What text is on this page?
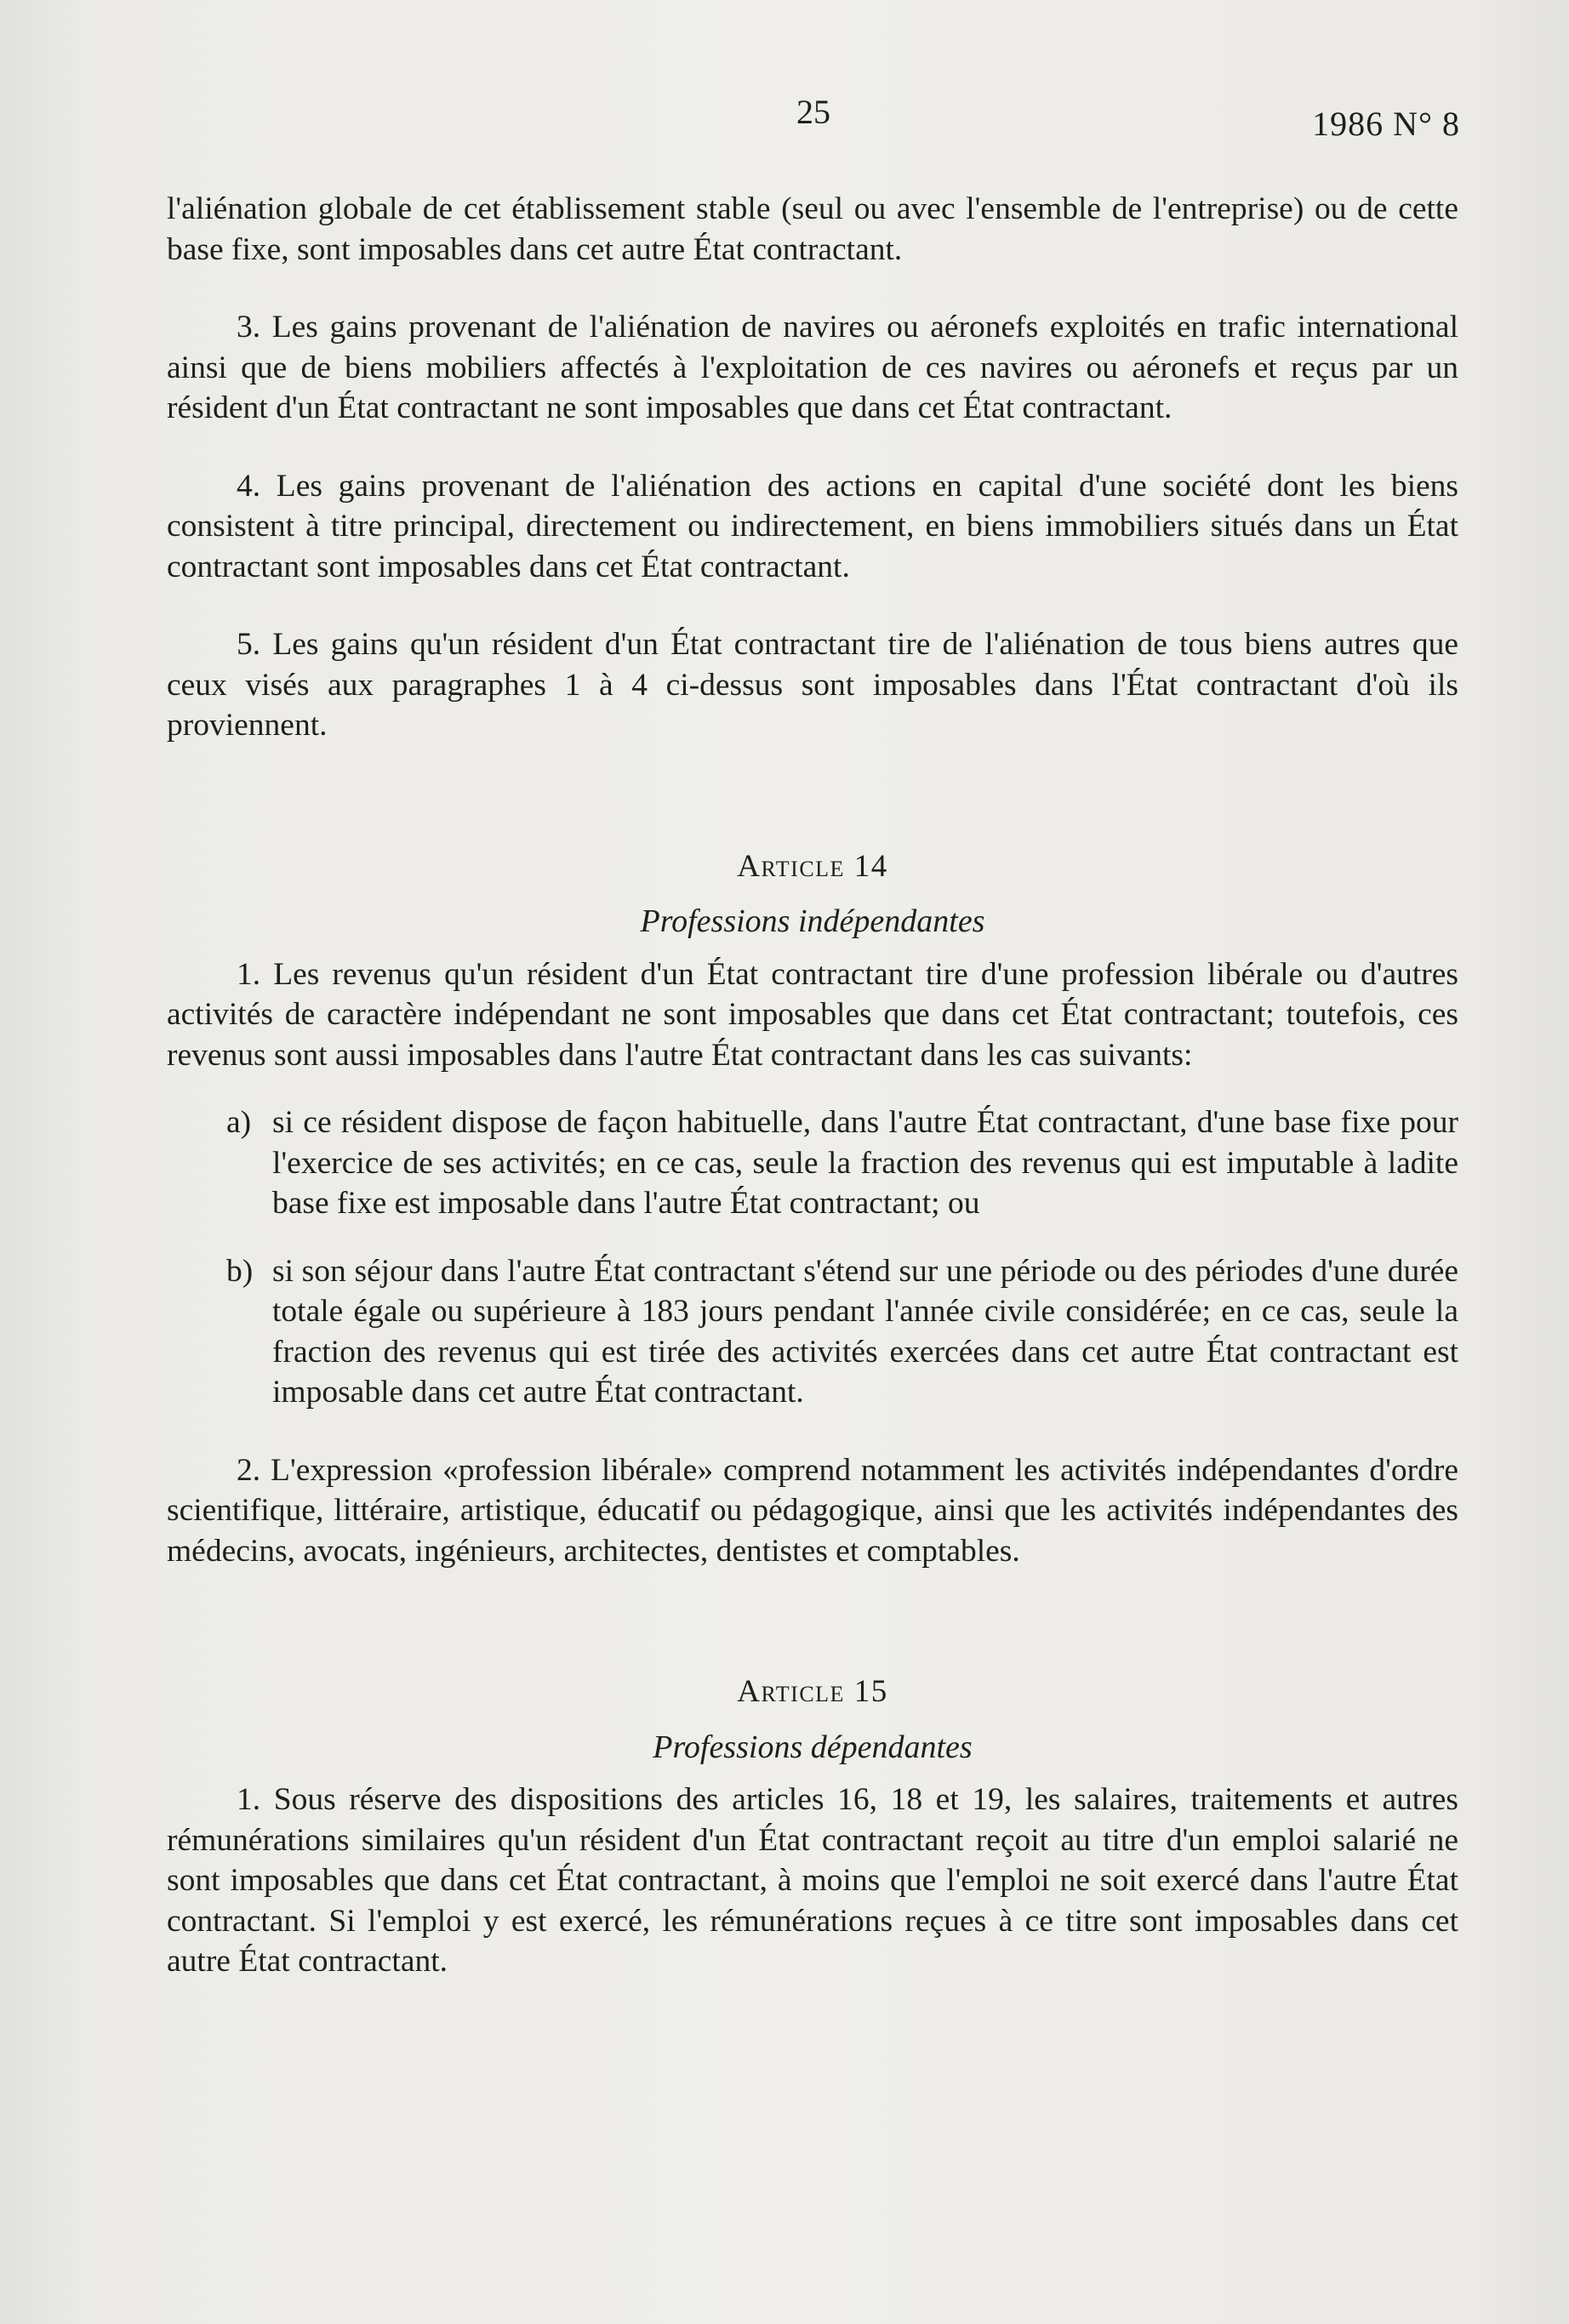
25	1986 N° 8

l'aliénation globale de cet établissement stable (seul ou avec l'ensemble de l'entreprise) ou de cette base fixe, sont imposables dans cet autre État contractant.

3. Les gains provenant de l'aliénation de navires ou aéronefs exploités en trafic international ainsi que de biens mobiliers affectés à l'exploitation de ces navires ou aéronefs et reçus par un résident d'un État contractant ne sont imposables que dans cet État contractant.

4. Les gains provenant de l'aliénation des actions en capital d'une société dont les biens consistent à titre principal, directement ou indirectement, en biens immobiliers situés dans un État contractant sont imposables dans cet État contractant.

5. Les gains qu'un résident d'un État contractant tire de l'aliénation de tous biens autres que ceux visés aux paragraphes 1 à 4 ci-dessus sont imposables dans l'État contractant d'où ils proviennent.

Article 14
Professions indépendantes

1. Les revenus qu'un résident d'un État contractant tire d'une profession libérale ou d'autres activités de caractère indépendant ne sont imposables que dans cet État contractant; toutefois, ces revenus sont aussi imposables dans l'autre État contractant dans les cas suivants:

a) si ce résident dispose de façon habituelle, dans l'autre État contractant, d'une base fixe pour l'exercice de ses activités; en ce cas, seule la fraction des revenus qui est imputable à ladite base fixe est imposable dans l'autre État contractant; ou
b) si son séjour dans l'autre État contractant s'étend sur une période ou des périodes d'une durée totale égale ou supérieure à 183 jours pendant l'année civile considérée; en ce cas, seule la fraction des revenus qui est tirée des activités exercées dans cet autre État contractant est imposable dans cet autre État contractant.

2. L'expression «profession libérale» comprend notamment les activités indépendantes d'ordre scientifique, littéraire, artistique, éducatif ou pédagogique, ainsi que les activités indépendantes des médecins, avocats, ingénieurs, architectes, dentistes et comptables.

Article 15
Professions dépendantes

1. Sous réserve des dispositions des articles 16, 18 et 19, les salaires, traitements et autres rémunérations similaires qu'un résident d'un État contractant reçoit au titre d'un emploi salarié ne sont imposables que dans cet État contractant, à moins que l'emploi ne soit exercé dans l'autre État contractant. Si l'emploi y est exercé, les rémunérations reçues à ce titre sont imposables dans cet autre État contractant.
